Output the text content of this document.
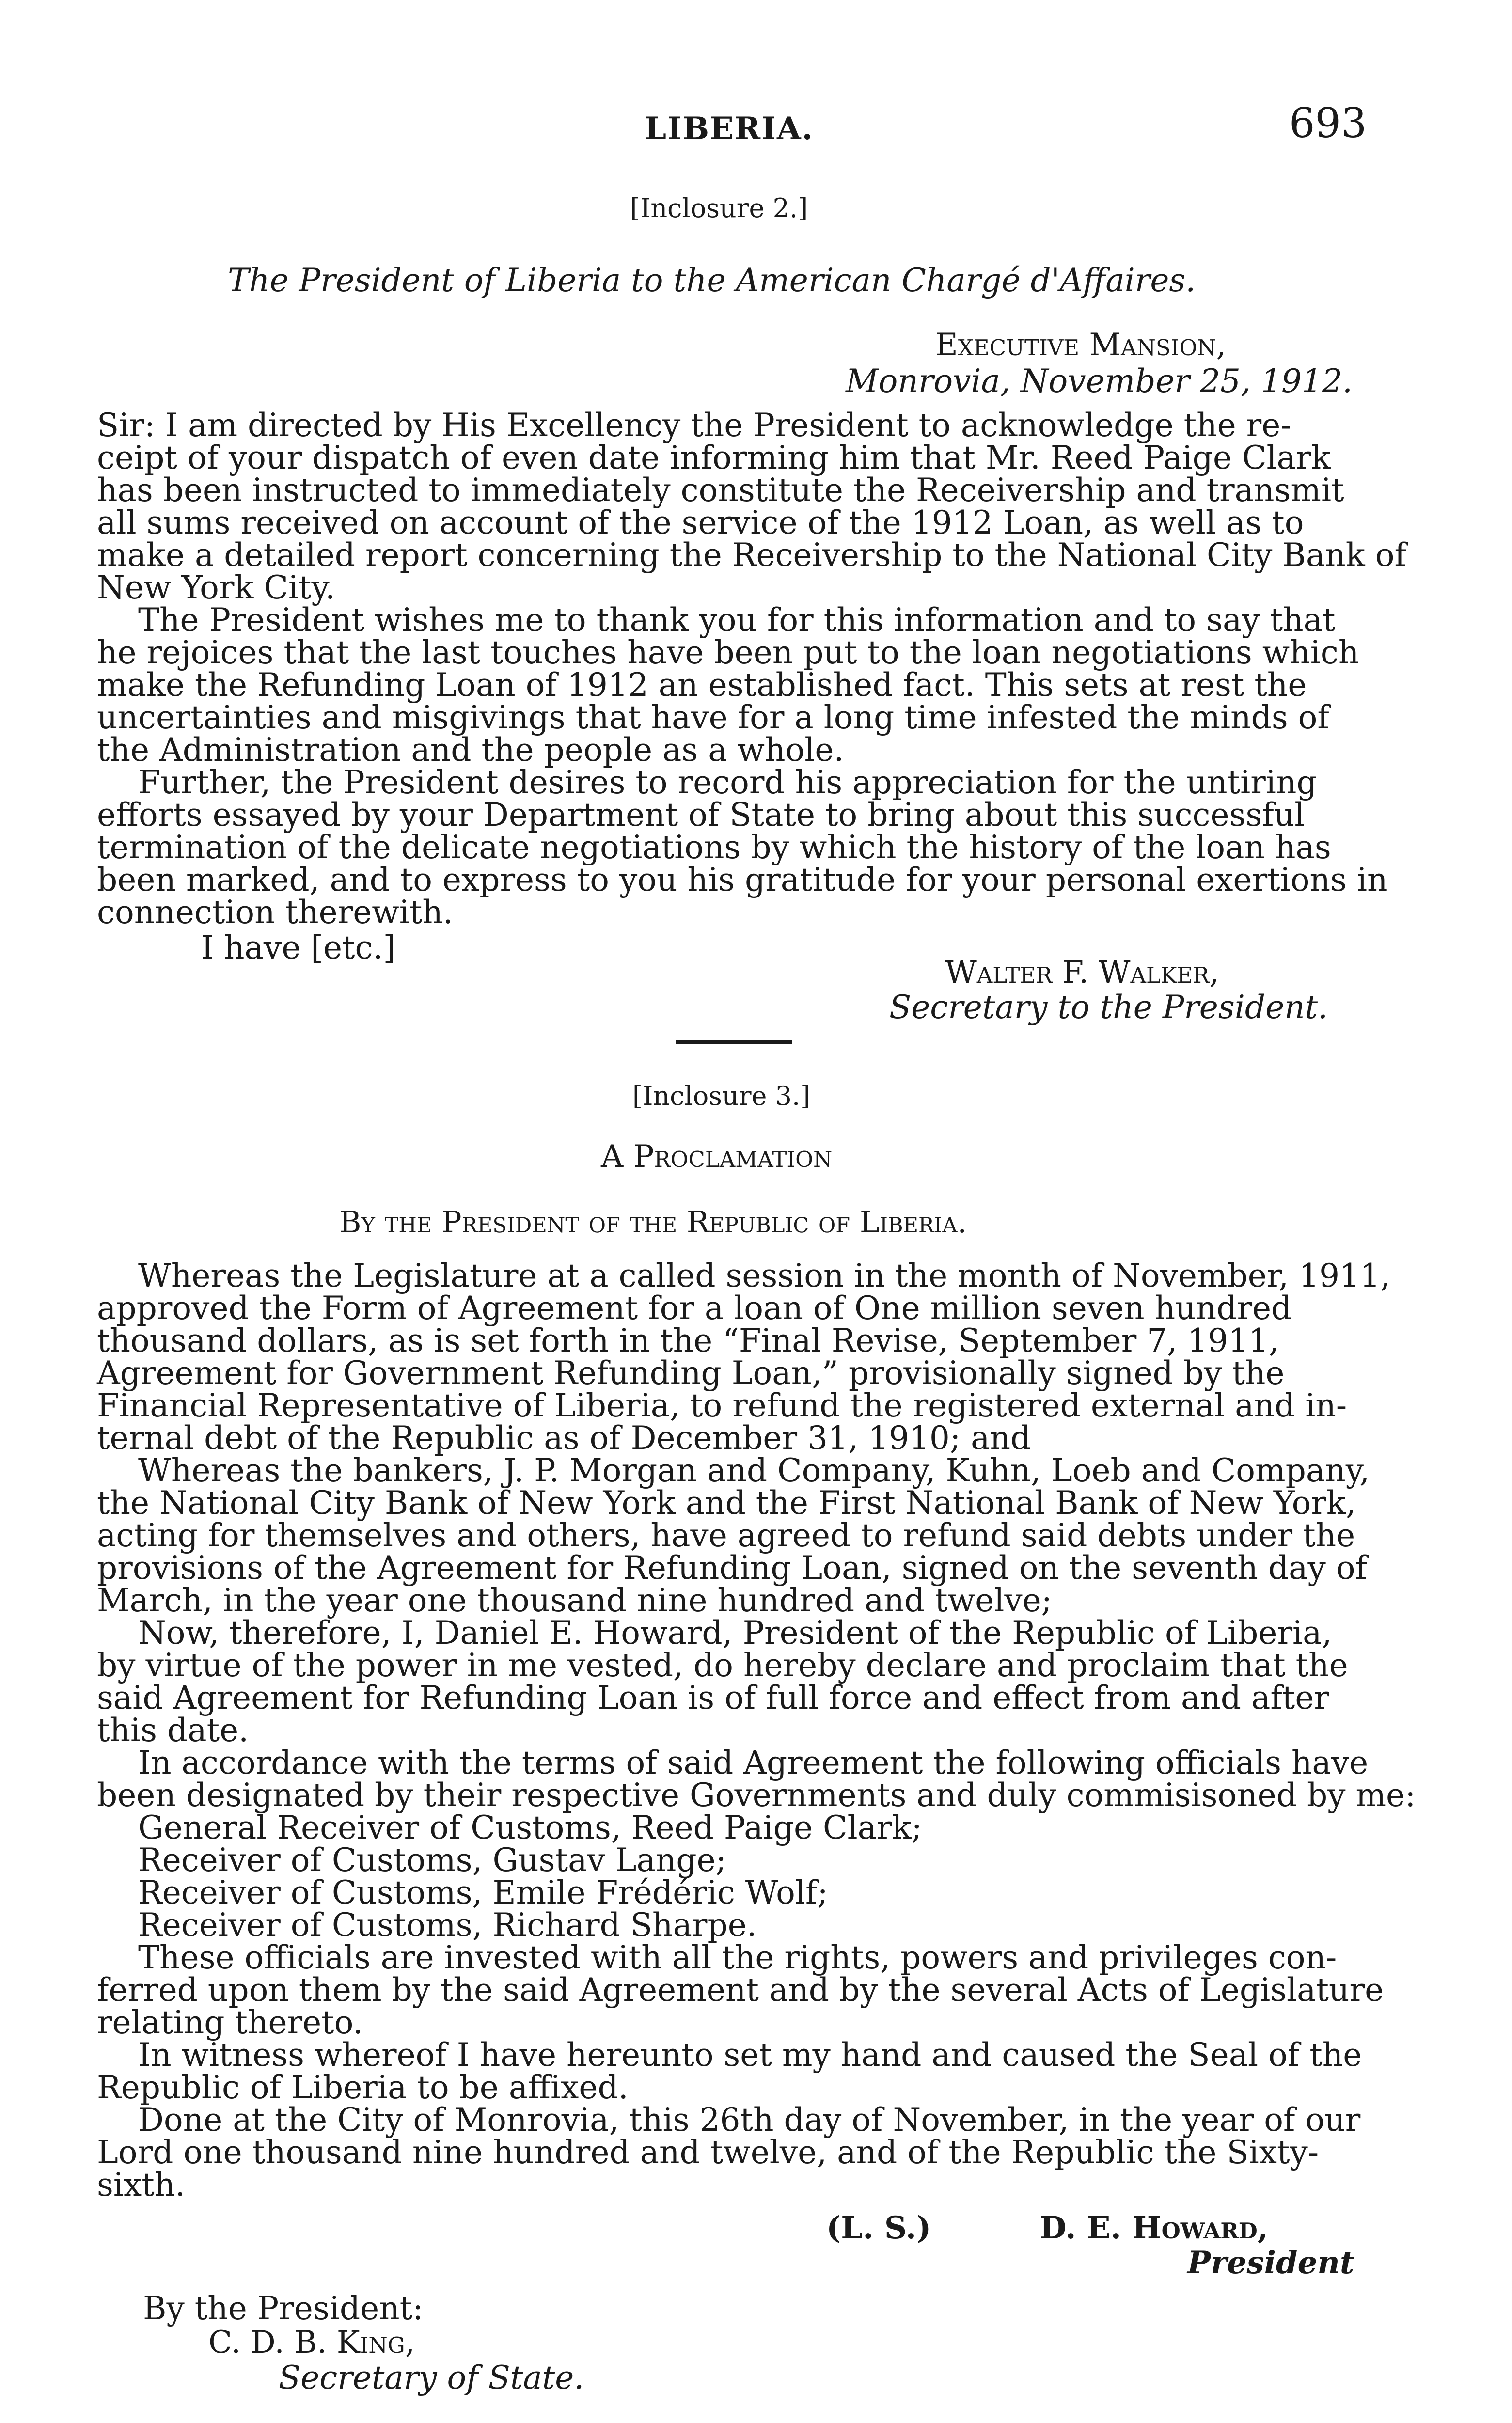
LIBERIA.	693
[Inclosure 2.]
The President of Liberia to the American Chargé d'Affaires.
Executive Mansion,
Monrovia, November 25, 1912.
Sir: I am directed by His Excellency the President to acknowledge the re-
ceipt of your dispatch of even date informing him that Mr. Reed Paige Clark
has been instructed to immediately constitute the Receivership and transmit
all sums received on account of the service of the 1912 Loan, as well as to
make a detailed report concerning the Receivership to the National City Bank of
New York City.
The President wishes me to thank you for this information and to say that
he rejoices that the last touches have been put to the loan negotiations which
make the Refunding Loan of 1912 an established fact. This sets at rest the
uncertainties and misgivings that have for a long time infested the minds of
the Administration and the people as a whole.
Further, the President desires to record his appreciation for the untiring
efforts essayed by your Department of State to bring about this successful
termination of the delicate negotiations by which the history of the loan has
been marked, and to express to you his gratitude for your personal exertions in
connection therewith.
I have [etc.]
Walter F. Walker,
Secretary to the President.
[Inclosure 3.]
A Proclamation
By the President of the Republic of Liberia.
Whereas the Legislature at a called session in the month of November, 1911,
approved the Form of Agreement for a loan of One million seven hundred
thousand dollars, as is set forth in the “Final Revise, September 7, 1911,
Agreement for Government Refunding Loan,” provisionally signed by the
Financial Representative of Liberia, to refund the registered external and in-
ternal debt of the Republic as of December 31, 1910; and
Whereas the bankers, J. P. Morgan and Company, Kuhn, Loeb and Company,
the National City Bank of New York and the First National Bank of New York,
acting for themselves and others, have agreed to refund said debts under the
provisions of the Agreement for Refunding Loan, signed on the seventh day of
March, in the year one thousand nine hundred and twelve;
Now, therefore, I, Daniel E. Howard, President of the Republic of Liberia,
by virtue of the power in me vested, do hereby declare and proclaim that the
said Agreement for Refunding Loan is of full force and effect from and after
this date.
In accordance with the terms of said Agreement the following officials have
been designated by their respective Governments and duly commisisoned by me:
General Receiver of Customs, Reed Paige Clark;
Receiver of Customs, Gustav Lange;
Receiver of Customs, Emile Frédéric Wolf;
Receiver of Customs, Richard Sharpe.
These officials are invested with all the rights, powers and privileges con-
ferred upon them by the said Agreement and by the several Acts of Legislature
relating thereto.
In witness whereof I have hereunto set my hand and caused the Seal of the
Republic of Liberia to be affixed.
Done at the City of Monrovia, this 26th day of November, in the year of our
Lord one thousand nine hundred and twelve, and of the Republic the Sixty-
sixth.
(L. S.)	D. E. Howard,
President
By the President:
C. D. B. King,
Secretary of State.
